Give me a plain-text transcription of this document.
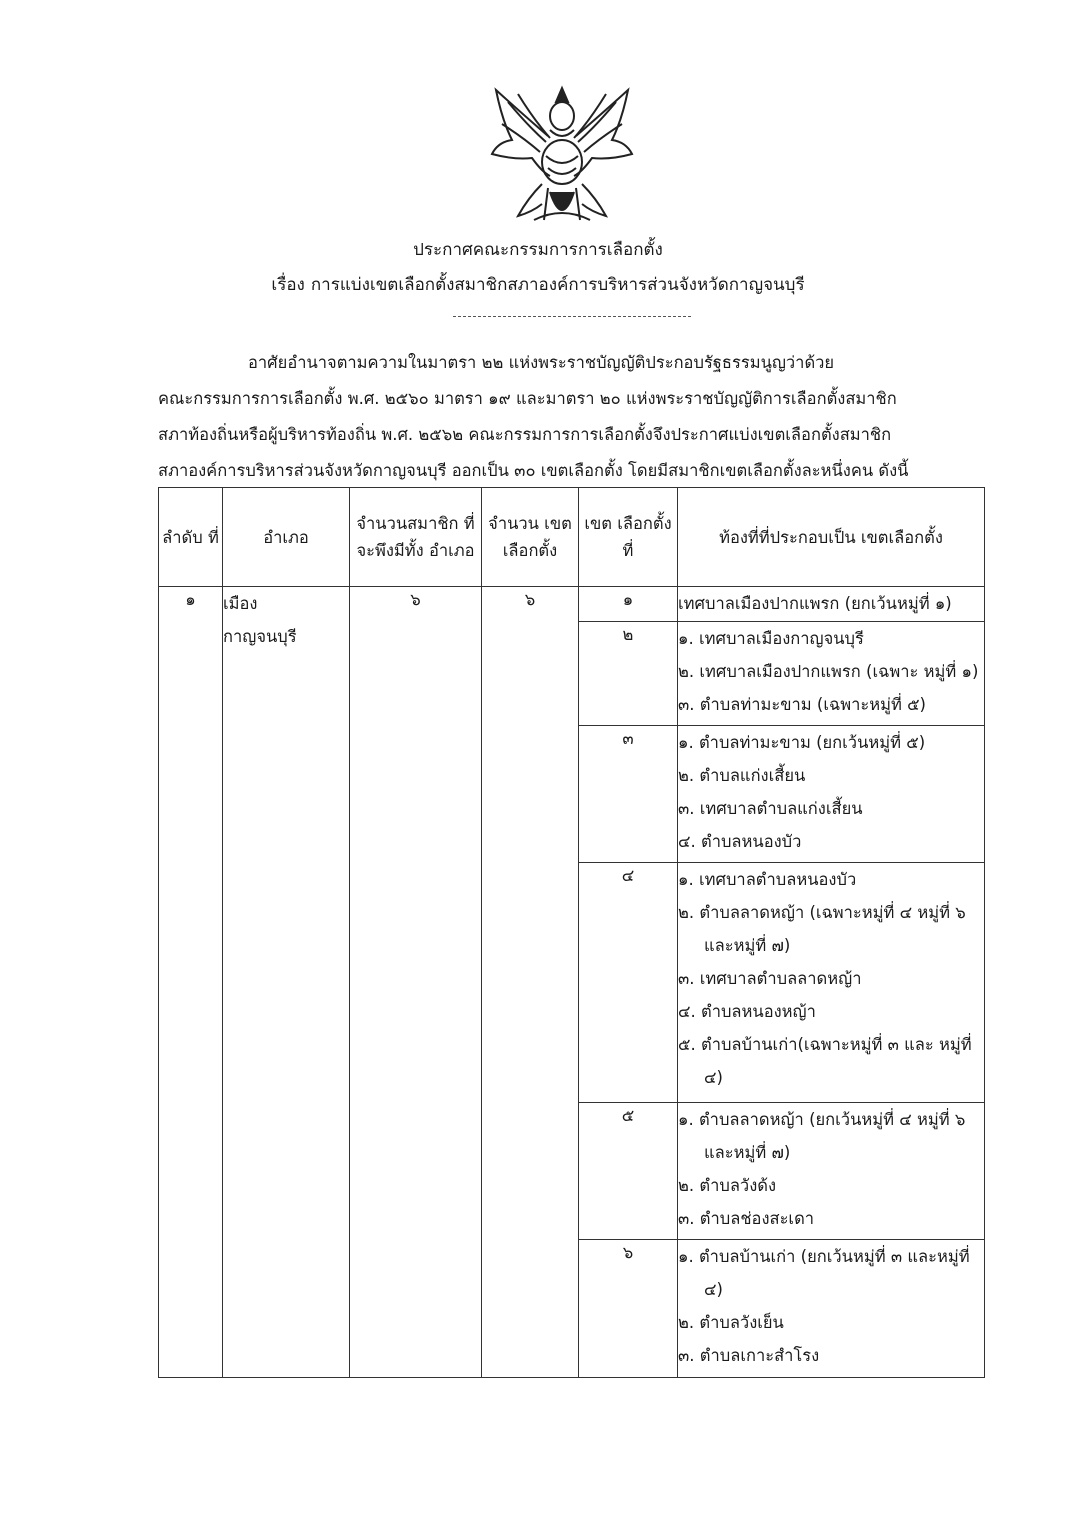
ประกาศคณะกรรมการการเลือกตั้ง
เรื่อง การแบ่งเขตเลือกตั้งสมาชิกสภาองค์การบริหารส่วนจังหวัดกาญจนบุรี
อาศัยอำนาจตามความในมาตรา ๒๒ แห่งพระราชบัญญัติประกอบรัฐธรรมนูญว่าด้วย
คณะกรรมการการเลือกตั้ง พ.ศ. ๒๕๖๐ มาตรา ๑๙ และมาตรา ๒๐ แห่งพระราชบัญญัติการเลือกตั้งสมาชิก
สภาท้องถิ่นหรือผู้บริหารท้องถิ่น พ.ศ. ๒๕๖๒ คณะกรรมการการเลือกตั้งจึงประกาศแบ่งเขตเลือกตั้งสมาชิก
สภาองค์การบริหารส่วนจังหวัดกาญจนบุรี ออกเป็น ๓๐ เขตเลือกตั้ง โดยมีสมาชิกเขตเลือกตั้งละหนึ่งคน ดังนี้
ลำดับ ที่	อำเภอ	จำนวนสมาชิก ที่จะพึงมีทั้ง อำเภอ	จำนวน เขต เลือกตั้ง	เขต เลือกตั้งที่	ท้องที่ที่ประกอบเป็น เขตเลือกตั้ง
๑	เมือง
กาญจนบุรี	๖	๖	๑	เทศบาลเมืองปากแพรก (ยกเว้นหมู่ที่ ๑)

				๒	๑. เทศบาลเมืองกาญจนบุรี
๒. เทศบาลเมืองปากแพรก (เฉพาะ หมู่ที่ ๑)
๓. ตำบลท่ามะขาม (เฉพาะหมู่ที่ ๕)

				๓	๑. ตำบลท่ามะขาม (ยกเว้นหมู่ที่ ๕)
๒. ตำบลแก่งเสี้ยน
๓. เทศบาลตำบลแก่งเสี้ยน
๔. ตำบลหนองบัว

				๔	๑. เทศบาลตำบลหนองบัว
๒. ตำบลลาดหญ้า (เฉพาะหมู่ที่ ๔ หมู่ที่ ๖ และหมู่ที่ ๗)
๓. เทศบาลตำบลลาดหญ้า
๔. ตำบลหนองหญ้า
๕. ตำบลบ้านเก่า(เฉพาะหมู่ที่ ๓ และ หมู่ที่ ๔)

				๕	๑. ตำบลลาดหญ้า (ยกเว้นหมู่ที่ ๔ หมู่ที่ ๖ และหมู่ที่ ๗)
๒. ตำบลวังด้ง
๓. ตำบลช่องสะเดา

				๖	๑. ตำบลบ้านเก่า (ยกเว้นหมู่ที่ ๓ และหมู่ที่ ๔)
๒. ตำบลวังเย็น
๓. ตำบลเกาะสำโรง
